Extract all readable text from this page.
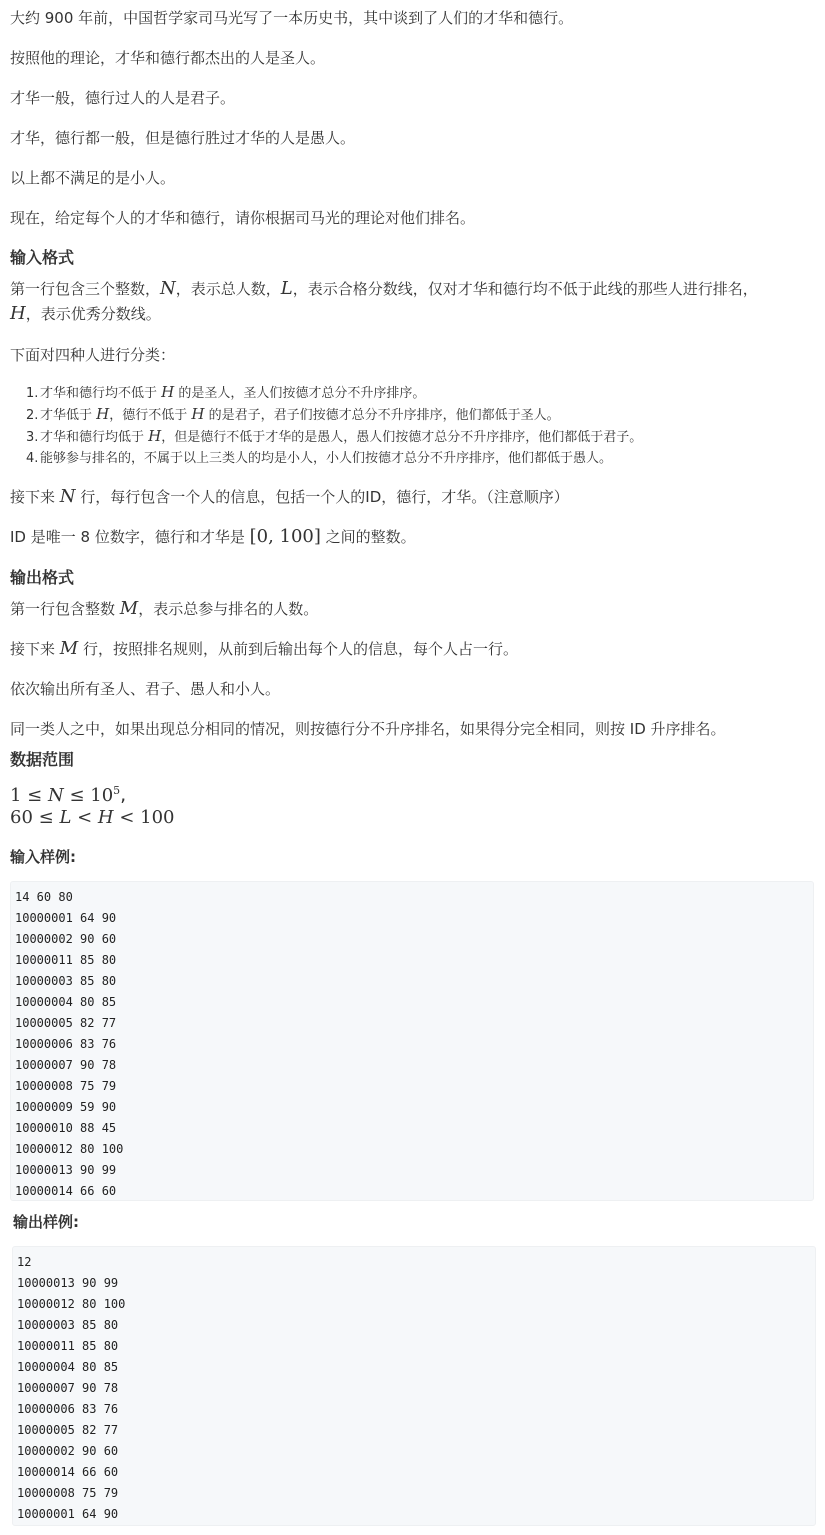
大约 900 年前，中国哲学家司马光写了一本历史书，其中谈到了人们的才华和德行。
按照他的理论，才华和德行都杰出的人是圣人。
才华一般，德行过人的人是君子。
才华，德行都一般，但是德行胜过才华的人是愚人。
以上都不满足的是小人。
现在，给定每个人的才华和德行，请你根据司马光的理论对他们排名。
输入格式
第一行包含三个整数，N，表示总人数，L，表示合格分数线，仅对才华和德行均不低于此线的那些人进行排名，
H，表示优秀分数线。
下面对四种人进行分类：
1. 才华和德行均不低于 H 的是圣人，圣人们按德才总分不升序排序。
2. 才华低于 H，德行不低于 H 的是君子，君子们按德才总分不升序排序，他们都低于圣人。
3. 才华和德行均低于 H，但是德行不低于才华的是愚人，愚人们按德才总分不升序排序，他们都低于君子。
4. 能够参与排名的，不属于以上三类人的均是小人，小人们按德才总分不升序排序，他们都低于愚人。
接下来 N 行，每行包含一个人的信息，包括一个人的ID，德行，才华。（注意顺序）
ID 是唯一 8 位数字，德行和才华是 [0, 100] 之间的整数。
输出格式
第一行包含整数 M，表示总参与排名的人数。
接下来 M 行，按照排名规则，从前到后输出每个人的信息，每个人占一行。
依次输出所有圣人、君子、愚人和小人。
同一类人之中，如果出现总分相同的情况，则按德行分不升序排名，如果得分完全相同，则按 ID 升序排名。
数据范围
$1 \le N \le 10^5$,
60 ≤ L < H < 100
输入样例:
14 60 80
10000001 64 90
10000002 90 60
10000011 85 80
10000003 85 80
10000004 80 85
10000005 82 77
10000006 83 76
10000007 90 78
10000008 75 79
10000009 59 90
10000010 88 45
10000012 80 100
10000013 90 99
10000014 66 60
输出样例:
12
10000013 90 99
10000012 80 100
10000003 85 80
10000011 85 80
10000004 80 85
10000007 90 78
10000006 83 76
10000005 82 77
10000002 90 60
10000014 66 60
10000008 75 79
10000001 64 90
